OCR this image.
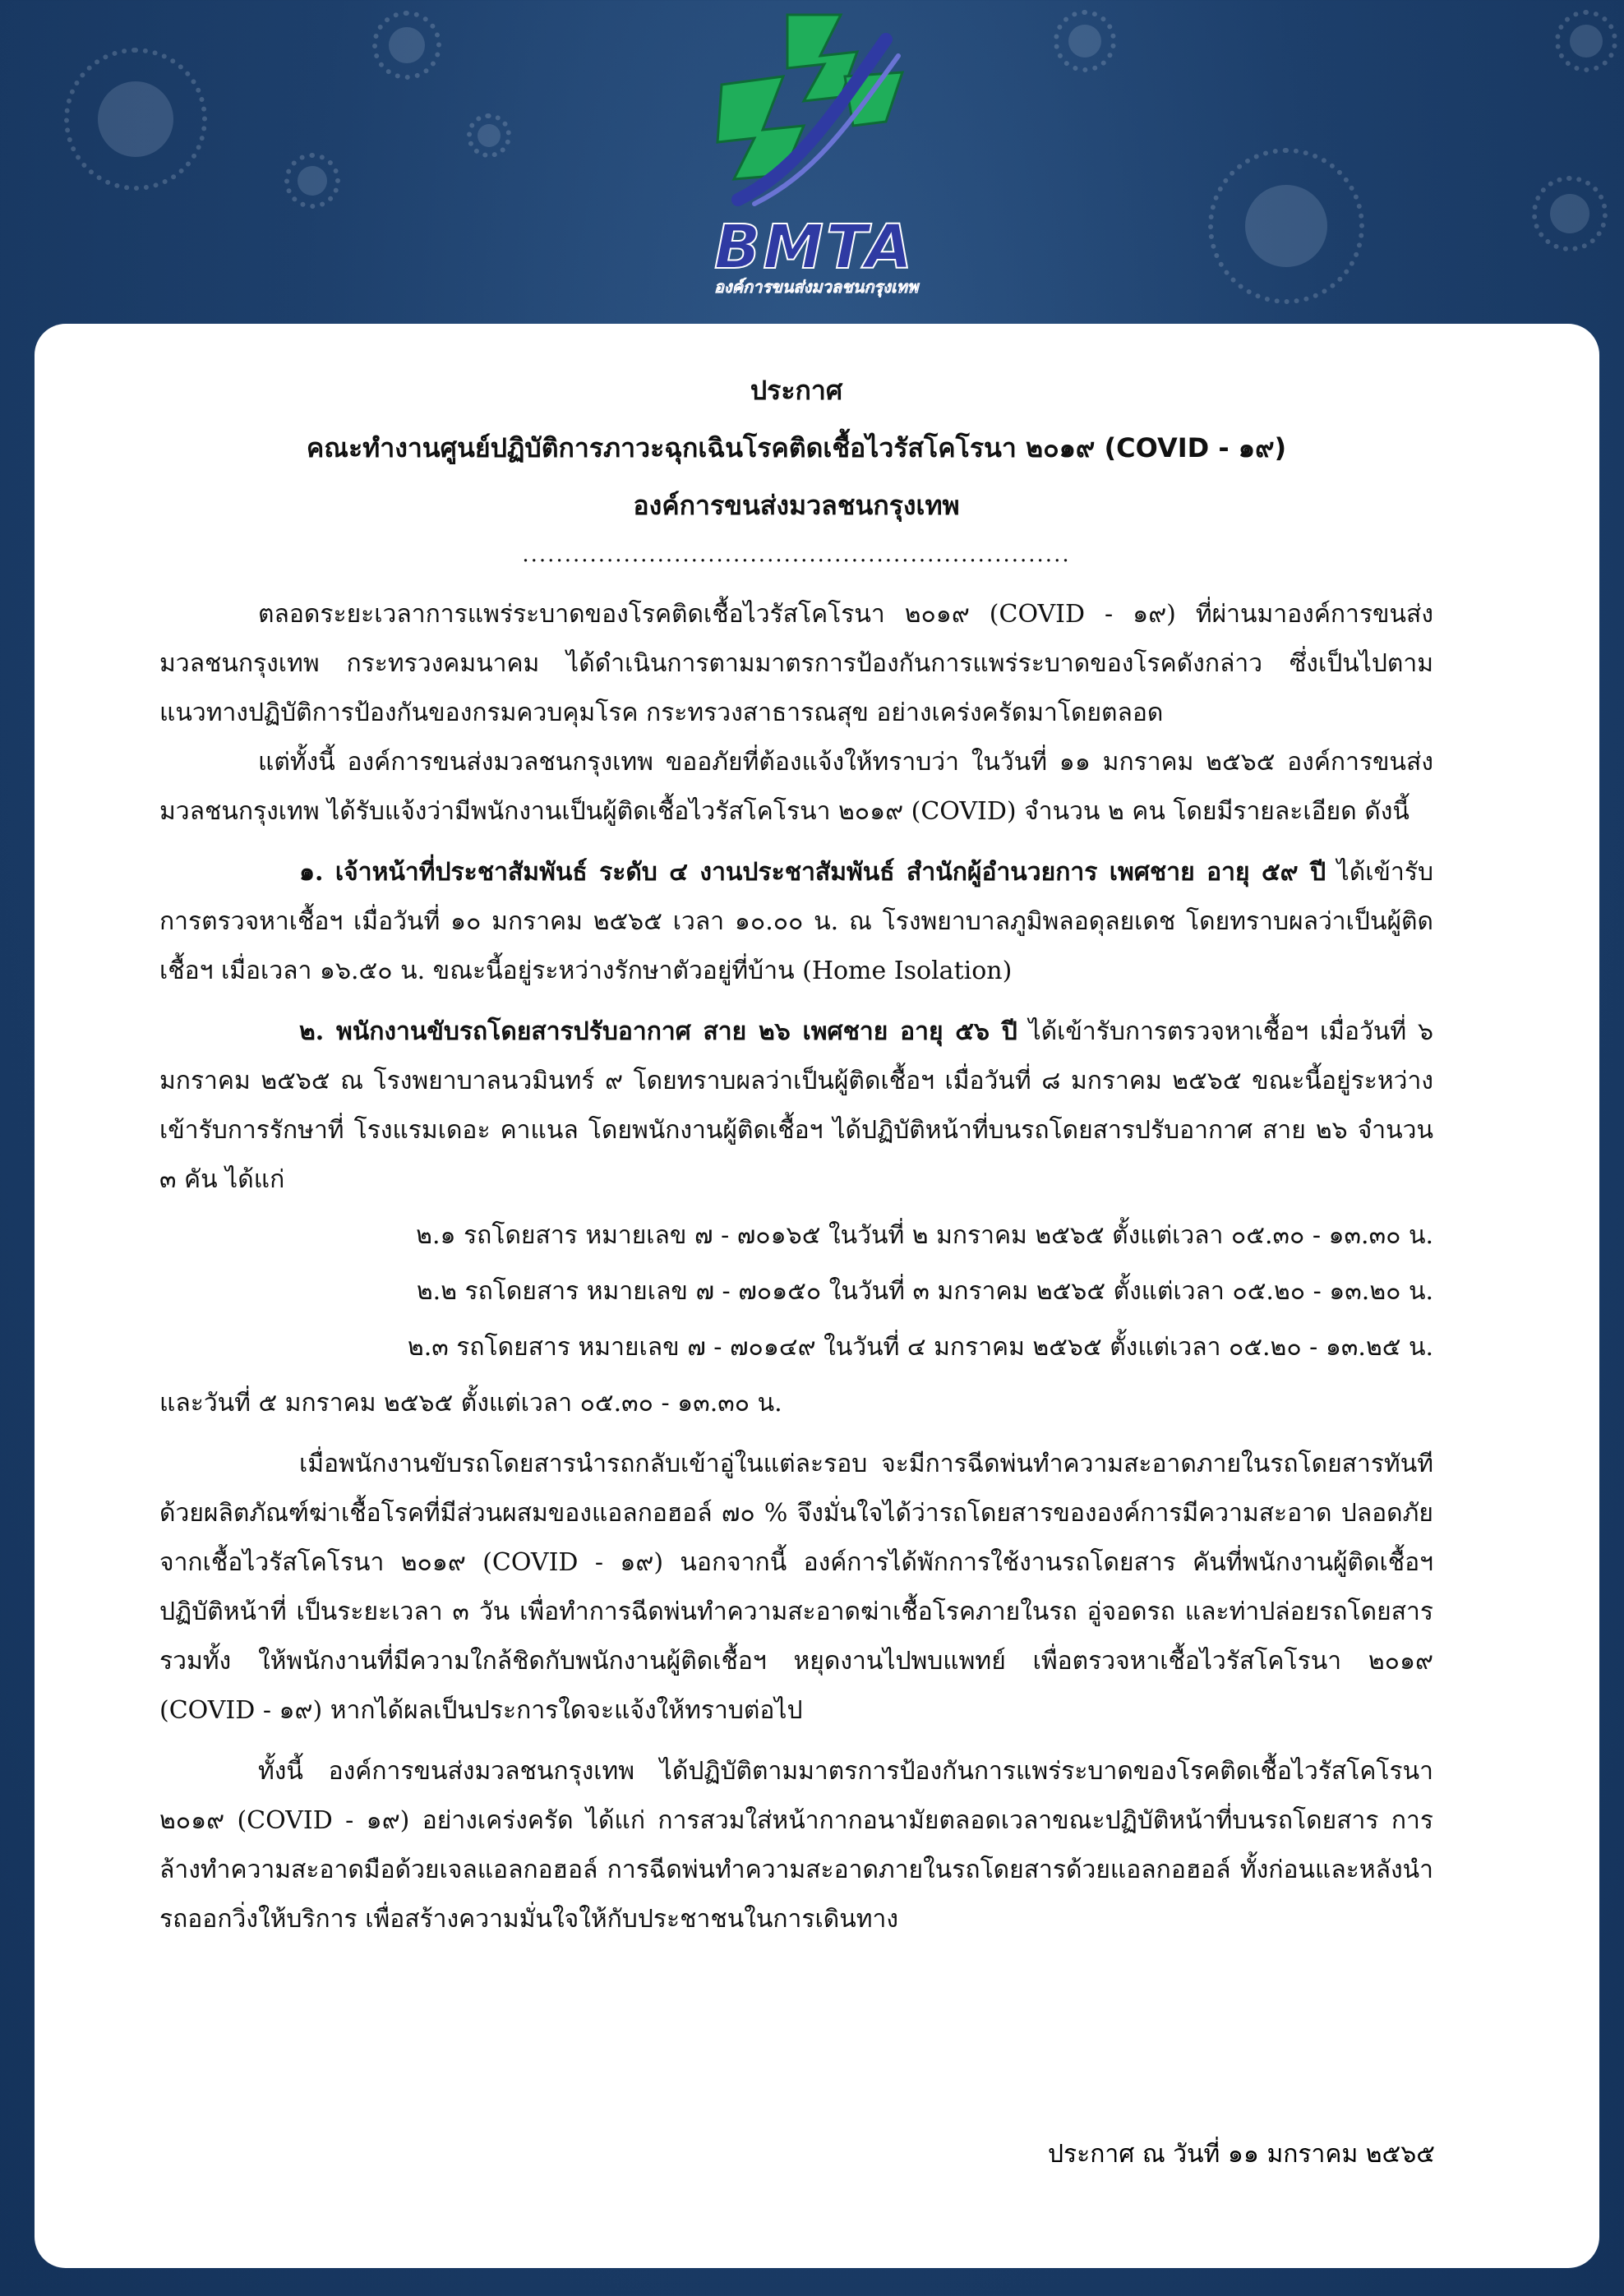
BMTA
องค์การขนส่งมวลชนกรุงเทพ
ประกาศ
คณะทำงานศูนย์ปฏิบัติการภาวะฉุกเฉินโรคติดเชื้อไวรัสโคโรนา ๒๐๑๙ (COVID - ๑๙)
องค์การขนส่งมวลชนกรุงเทพ
.................................................................

ตลอดระยะเวลาการแพร่ระบาดของโรคติดเชื้อไวรัสโคโรนา ๒๐๑๙ (COVID - ๑๙) ที่ผ่านมาองค์การขนส่งมวลชนกรุงเทพ กระทรวงคมนาคม ได้ดำเนินการตามมาตรการป้องกันการแพร่ระบาดของโรคดังกล่าว ซึ่งเป็นไปตามแนวทางปฏิบัติการป้องกันของกรมควบคุมโรค กระทรวงสาธารณสุข อย่างเคร่งครัดมาโดยตลอด

แต่ทั้งนี้ องค์การขนส่งมวลชนกรุงเทพ ขออภัยที่ต้องแจ้งให้ทราบว่า ในวันที่ ๑๑ มกราคม ๒๕๖๕ องค์การขนส่งมวลชนกรุงเทพ ได้รับแจ้งว่ามีพนักงานเป็นผู้ติดเชื้อไวรัสโคโรนา ๒๐๑๙ (COVID) จำนวน ๒ คน โดยมีรายละเอียด ดังนี้

๑. เจ้าหน้าที่ประชาสัมพันธ์ ระดับ ๔ งานประชาสัมพันธ์ สำนักผู้อำนวยการ เพศชาย อายุ ๕๙ ปี ได้เข้ารับการตรวจหาเชื้อฯ เมื่อวันที่ ๑๐ มกราคม ๒๕๖๕ เวลา ๑๐.๐๐ น. ณ โรงพยาบาลภูมิพลอดุลยเดช โดยทราบผลว่าเป็นผู้ติดเชื้อฯ เมื่อเวลา ๑๖.๕๐ น. ขณะนี้อยู่ระหว่างรักษาตัวอยู่ที่บ้าน (Home Isolation)

๒. พนักงานขับรถโดยสารปรับอากาศ สาย ๒๖ เพศชาย อายุ ๕๖ ปี ได้เข้ารับการตรวจหาเชื้อฯ เมื่อวันที่ ๖ มกราคม ๒๕๖๕ ณ โรงพยาบาลนวมินทร์ ๙ โดยทราบผลว่าเป็นผู้ติดเชื้อฯ เมื่อวันที่ ๘ มกราคม ๒๕๖๕ ขณะนี้อยู่ระหว่างเข้ารับการรักษาที่ โรงแรมเดอะ คาแนล โดยพนักงานผู้ติดเชื้อฯ ได้ปฏิบัติหน้าที่บนรถโดยสารปรับอากาศ สาย ๒๖ จำนวน ๓ คัน ได้แก่

๒.๑ รถโดยสาร หมายเลข ๗ - ๗๐๑๖๕ ในวันที่ ๒ มกราคม ๒๕๖๕ ตั้งแต่เวลา ๐๕.๓๐ - ๑๓.๓๐ น.
๒.๒ รถโดยสาร หมายเลข ๗ - ๗๐๑๕๐ ในวันที่ ๓ มกราคม ๒๕๖๕ ตั้งแต่เวลา ๐๕.๒๐ - ๑๓.๒๐ น.
๒.๓ รถโดยสาร หมายเลข ๗ - ๗๐๑๔๙ ในวันที่ ๔ มกราคม ๒๕๖๕ ตั้งแต่เวลา ๐๕.๒๐ - ๑๓.๒๕ น.

และวันที่ ๕ มกราคม ๒๕๖๕ ตั้งแต่เวลา ๐๕.๓๐ - ๑๓.๓๐ น.

เมื่อพนักงานขับรถโดยสารนำรถกลับเข้าอู่ในแต่ละรอบ จะมีการฉีดพ่นทำความสะอาดภายในรถโดยสารทันทีด้วยผลิตภัณฑ์ฆ่าเชื้อโรคที่มีส่วนผสมของแอลกอฮอล์ ๗๐ % จึงมั่นใจได้ว่ารถโดยสารขององค์การมีความสะอาด ปลอดภัยจากเชื้อไวรัสโคโรนา ๒๐๑๙ (COVID - ๑๙) นอกจากนี้ องค์การได้พักการใช้งานรถโดยสาร คันที่พนักงานผู้ติดเชื้อฯปฏิบัติหน้าที่ เป็นระยะเวลา ๓ วัน เพื่อทำการฉีดพ่นทำความสะอาดฆ่าเชื้อโรคภายในรถ อู่จอดรถ และท่าปล่อยรถโดยสาร รวมทั้ง ให้พนักงานที่มีความใกล้ชิดกับพนักงานผู้ติดเชื้อฯ หยุดงานไปพบแพทย์ เพื่อตรวจหาเชื้อไวรัสโคโรนา ๒๐๑๙ (COVID - ๑๙) หากได้ผลเป็นประการใดจะแจ้งให้ทราบต่อไป

ทั้งนี้ องค์การขนส่งมวลชนกรุงเทพ ได้ปฏิบัติตามมาตรการป้องกันการแพร่ระบาดของโรคติดเชื้อไวรัสโคโรนา ๒๐๑๙ (COVID - ๑๙) อย่างเคร่งครัด ได้แก่ การสวมใส่หน้ากากอนามัยตลอดเวลาขณะปฏิบัติหน้าที่บนรถโดยสาร การล้างทำความสะอาดมือด้วยเจลแอลกอฮอล์ การฉีดพ่นทำความสะอาดภายในรถโดยสารด้วยแอลกอฮอล์ ทั้งก่อนและหลังนำรถออกวิ่งให้บริการ เพื่อสร้างความมั่นใจให้กับประชาชนในการเดินทาง

ประกาศ ณ วันที่ ๑๑ มกราคม ๒๕๖๕
